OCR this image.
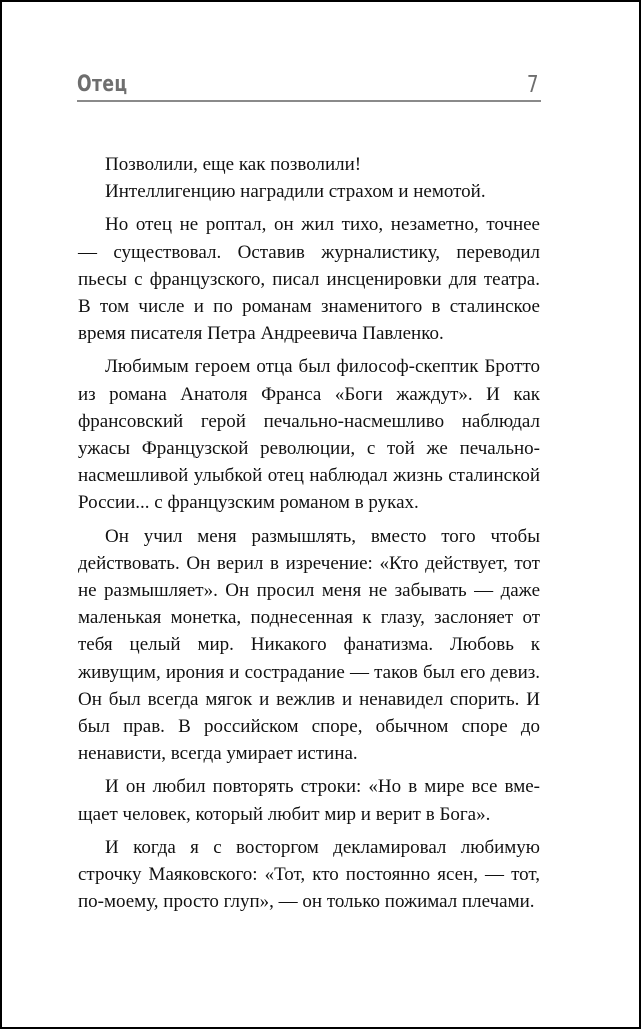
Отец	7

Позволили, еще как позволили!

Интеллигенцию наградили страхом и немотой.

Но отец не роптал, он жил тихо, незаметно, точнее — существовал. Оставив журналистику, переводил пьесы с французского, писал инсценировки для театра. В том числе и по романам знаменитого в сталинское время писателя Петра Андреевича Павленко.

Любимым героем отца был философ-скептик Бротто из романа Анатоля Франса «Боги жаждут». И как франсовский герой печально-насмешливо наблюдал ужасы Французской революции, с той же печально-насмешливой улыбкой отец наблюдал жизнь сталинской России... с французским романом в руках.

Он учил меня размышлять, вместо того чтобы действовать. Он верил в изречение: «Кто действует, тот не размышляет». Он просил меня не забывать — даже маленькая монетка, поднесенная к глазу, заслоняет от тебя целый мир. Никакого фанатизма. Любовь к живущим, ирония и сострадание — таков был его девиз. Он был всегда мягок и вежлив и ненавидел спорить. И был прав. В российском споре, обычном споре до ненависти, всегда умирает истина.

И он любил повторять строки: «Но в мире все вмещает человек, который любит мир и верит в Бога».

И когда я с восторгом декламировал любимую строчку Маяковского: «Тот, кто постоянно ясен, — тот, по-моему, просто глуп», — он только пожимал плечами.
